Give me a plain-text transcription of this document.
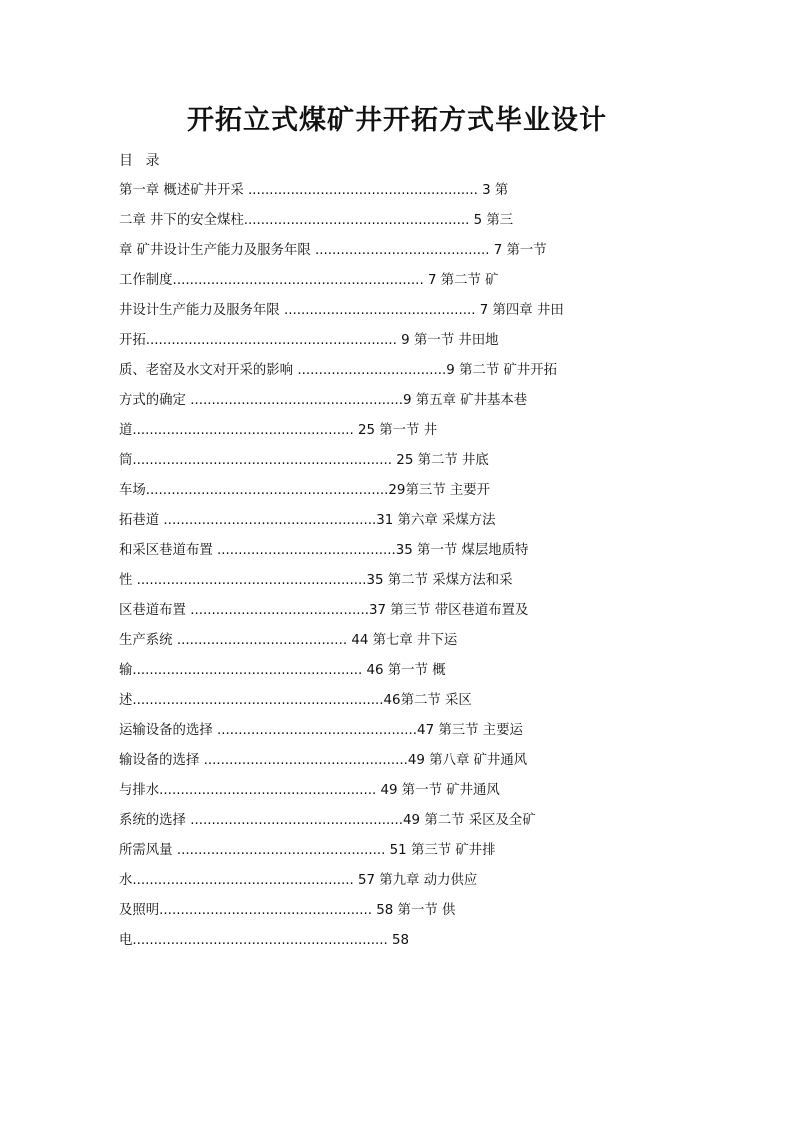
开拓立式煤矿井开拓方式毕业设计
目 录
第一章 概述矿井开采 ...................................................... 3 第
二章 井下的安全煤柱..................................................... 5 第三
章 矿井设计生产能力及服务年限 ......................................... 7 第一节
工作制度........................................................... 7 第二节 矿
井设计生产能力及服务年限 ............................................. 7 第四章 井田
开拓........................................................... 9 第一节 井田地
质、老窑及水文对开采的影响 ...................................9 第二节 矿井开拓
方式的确定 ..................................................9 第五章 矿井基本巷
道.................................................... 25 第一节 井
筒............................................................. 25 第二节 井底
车场.........................................................29第三节 主要开
拓巷道 ..................................................31 第六章 采煤方法
和采区巷道布置 ..........................................35 第一节 煤层地质特
性 ......................................................35 第二节 采煤方法和采
区巷道布置 ..........................................37 第三节 带区巷道布置及
生产系统 ........................................ 44 第七章 井下运
输...................................................... 46 第一节 概
述...........................................................46第二节 采区
运输设备的选择 ...............................................47 第三节 主要运
输设备的选择 ................................................49 第八章 矿井通风
与排水................................................... 49 第一节 矿井通风
系统的选择 ..................................................49 第二节 采区及全矿
所需风量 ................................................. 51 第三节 矿井排
水.................................................... 57 第九章 动力供应
及照明.................................................. 58 第一节 供
电............................................................ 58
